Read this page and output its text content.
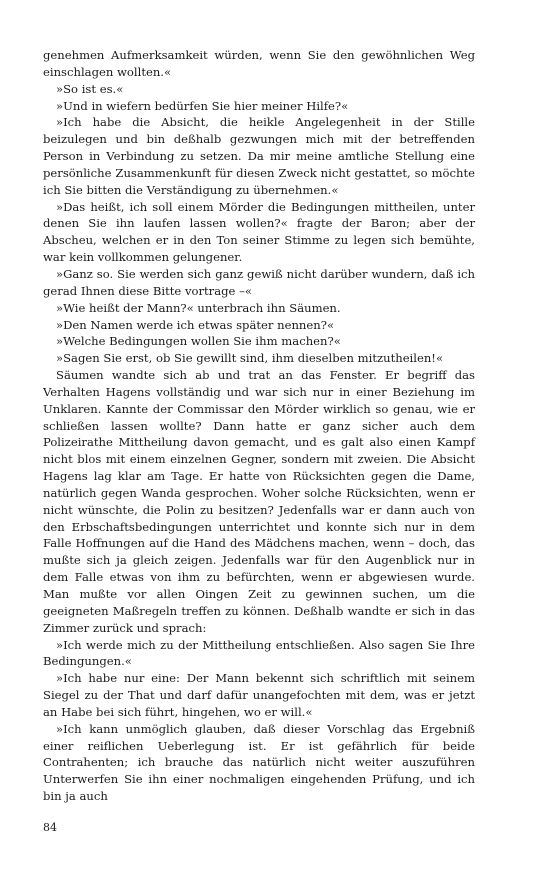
genehmen Aufmerksamkeit würden, wenn Sie den gewöhnlichen Weg einschlagen wollten.«

»So ist es.«

»Und in wiefern bedürfen Sie hier meiner Hilfe?«

»Ich habe die Absicht, die heikle Angelegenheit in der Stille beizulegen und bin deßhalb gezwungen mich mit der betreffenden Person in Verbindung zu setzen. Da mir meine amtliche Stellung eine persönliche Zusammenkunft für diesen Zweck nicht gestattet, so möchte ich Sie bitten die Verständigung zu übernehmen.«

»Das heißt, ich soll einem Mörder die Bedingungen mittheilen, unter denen Sie ihn laufen lassen wollen?« fragte der Baron; aber der Abscheu, welchen er in den Ton seiner Stimme zu legen sich bemühte, war kein vollkommen gelungener.

»Ganz so. Sie werden sich ganz gewiß nicht darüber wundern, daß ich gerad Ihnen diese Bitte vortrage –«

»Wie heißt der Mann?« unterbrach ihn Säumen.

»Den Namen werde ich etwas später nennen?«

»Welche Bedingungen wollen Sie ihm machen?«

»Sagen Sie erst, ob Sie gewillt sind, ihm dieselben mitzutheilen!«

Säumen wandte sich ab und trat an das Fenster. Er begriff das Verhalten Hagens vollständig und war sich nur in einer Beziehung im Unklaren. Kannte der Commissar den Mörder wirklich so genau, wie er schließen lassen wollte? Dann hatte er ganz sicher auch dem Polizeirathe Mittheilung davon gemacht, und es galt also einen Kampf nicht blos mit einem einzelnen Gegner, sondern mit zweien. Die Absicht Hagens lag klar am Tage. Er hatte von Rücksichten gegen die Dame, natürlich gegen Wanda gesprochen. Woher solche Rücksichten, wenn er nicht wünschte, die Polin zu besitzen? Jedenfalls war er dann auch von den Erbschaftsbedingungen unterrichtet und konnte sich nur in dem Falle Hoffnungen auf die Hand des Mädchens machen, wenn – doch, das mußte sich ja gleich zeigen. Jedenfalls war für den Augenblick nur in dem Falle etwas von ihm zu befürchten, wenn er abgewiesen wurde. Man mußte vor allen Oingen Zeit zu gewinnen suchen, um die geeigneten Maßregeln treffen zu können. Deßhalb wandte er sich in das Zimmer zurück und sprach:

»Ich werde mich zu der Mittheilung entschließen. Also sagen Sie Ihre Bedingungen.«

»Ich habe nur eine: Der Mann bekennt sich schriftlich mit seinem Siegel zu der That und darf dafür unangefochten mit dem, was er jetzt an Habe bei sich führt, hingehen, wo er will.«

»Ich kann unmöglich glauben, daß dieser Vorschlag das Ergebniß einer reiflichen Ueberlegung ist. Er ist gefährlich für beide Contrahenten; ich brauche das natürlich nicht weiter auszuführen Unterwerfen Sie ihn einer nochmaligen eingehenden Prüfung, und ich bin ja auch

84
